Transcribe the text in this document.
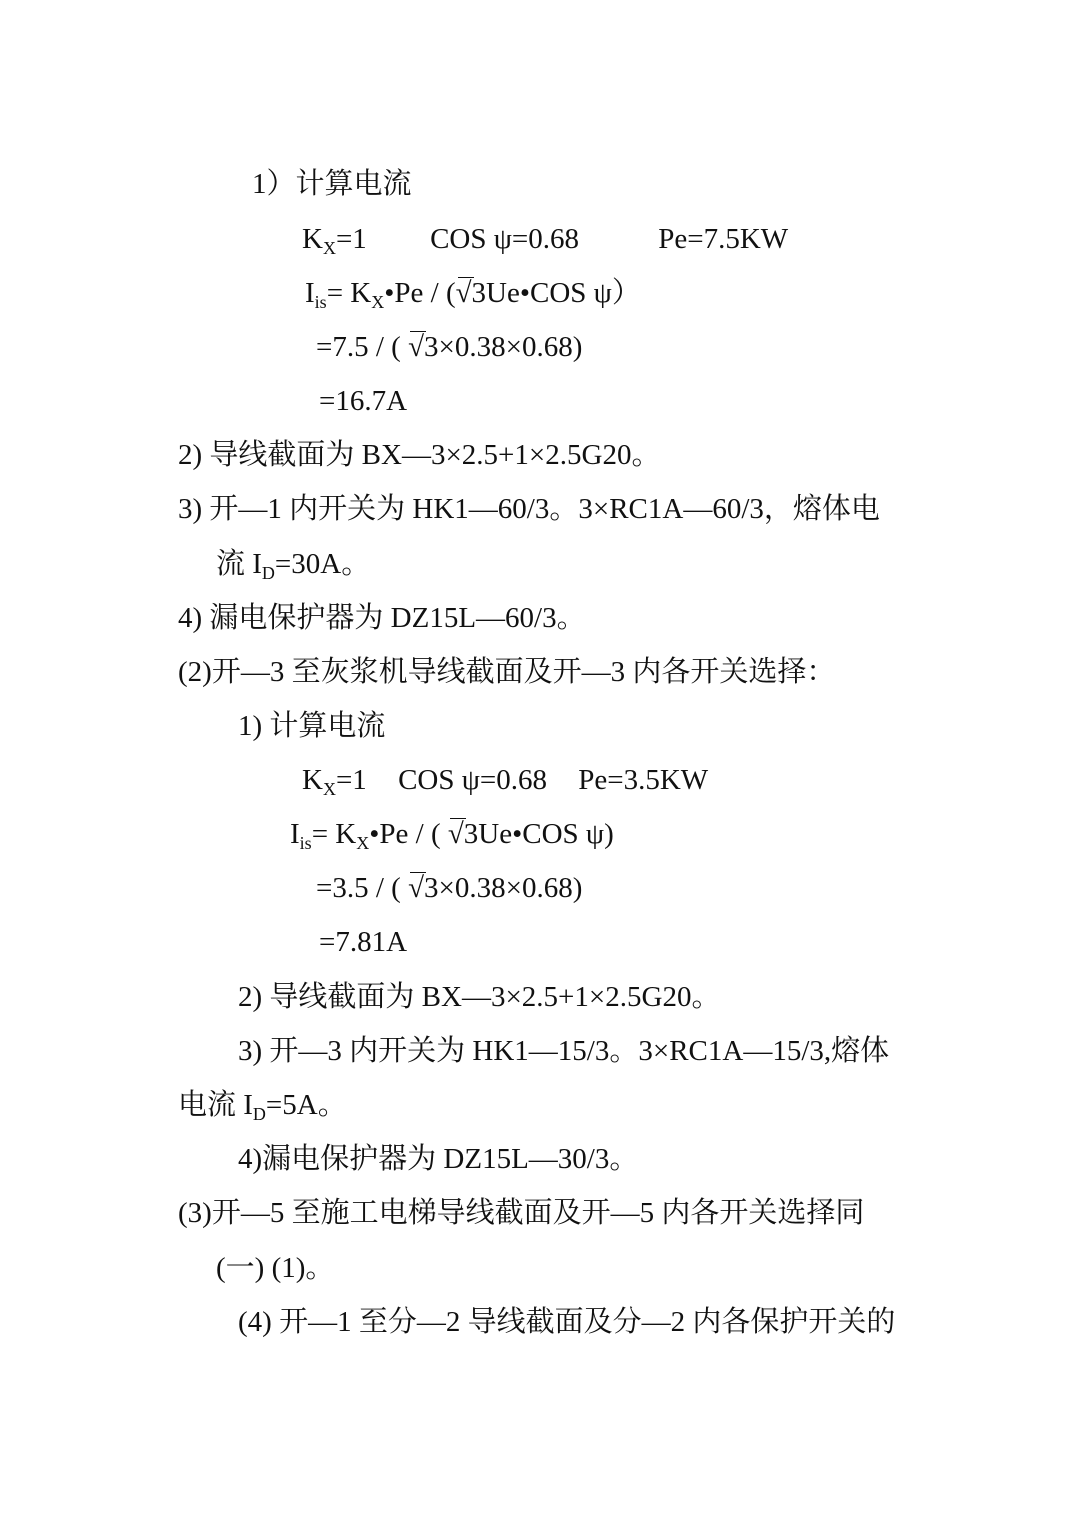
1）计算电流
$K_X=1$ COS ψ=0.68	Pe=7.5KW
$I_{is}=$ $K_X•Pe$ / (√3Ue•COS ψ）
=7.5 / ( √3×0.38×0.68)
=16.7A
2) 导线截面为 BX—3×2.5+1×2.5G20。
3) 开—1 内开关为 HK1—60/3。3×RC1A—60/3，熔体电
流 $I_D=30A$。
4) 漏电保护器为 DZ15L—60/3。
(2)开—3 至灰浆机导线截面及开—3 内各开关选择：
1) 计算电流
$K_X=1$ COS ψ=0.68 Pe=3.5KW
$I_{is}=$ $K_X•Pe$ / ( √3Ue•COS ψ)
=3.5 / ( √3×0.38×0.68)
=7.81A
2) 导线截面为 BX—3×2.5+1×2.5G20。
3) 开—3 内开关为 HK1—15/3。3×RC1A—15/3,熔体
电流 $I_D=5A$。
4)漏电保护器为 DZ15L—30/3。
(3)开—5 至施工电梯导线截面及开—5 内各开关选择同
(一) (1)。
(4) 开—1 至分—2 导线截面及分—2 内各保护开关的
